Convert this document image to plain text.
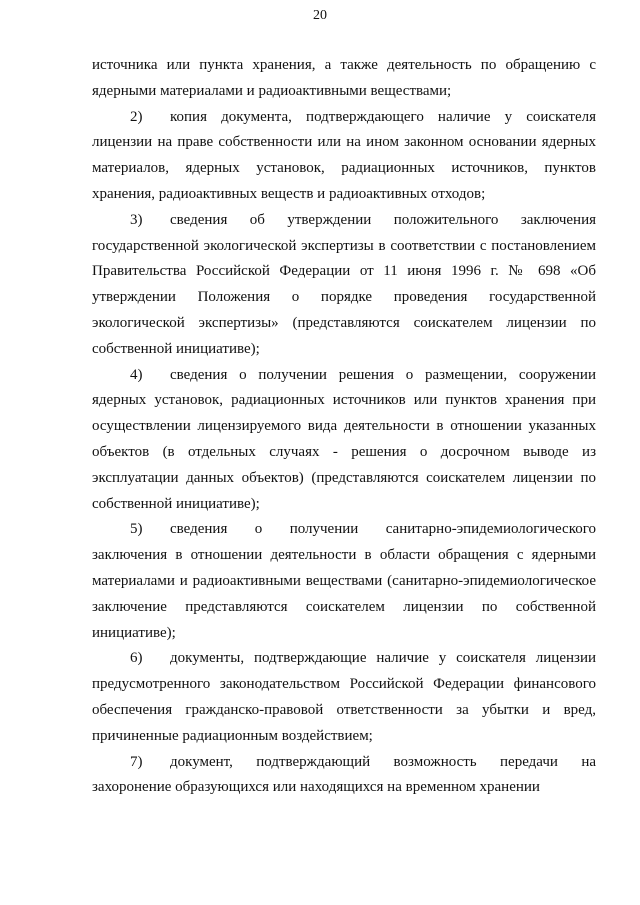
20

источника или пункта хранения, а также деятельность по обращению с ядерными материалами и радиоактивными веществами;

2) копия документа, подтверждающего наличие у соискателя лицензии на праве собственности или на ином законном основании ядерных материалов, ядерных установок, радиационных источников, пунктов хранения, радиоактивных веществ и радиоактивных отходов;

3) сведения об утверждении положительного заключения государственной экологической экспертизы в соответствии с постановлением Правительства Российской Федерации от 11 июня 1996 г. № 698 «Об утверждении Положения о порядке проведения государственной экологической экспертизы» (представляются соискателем лицензии по собственной инициативе);

4) сведения о получении решения о размещении, сооружении ядерных установок, радиационных источников или пунктов хранения при осуществлении лицензируемого вида деятельности в отношении указанных объектов (в отдельных случаях - решения о досрочном выводе из эксплуатации данных объектов) (представляются соискателем лицензии по собственной инициативе);

5) сведения о получении санитарно-эпидемиологического заключения в отношении деятельности в области обращения с ядерными материалами и радиоактивными веществами (санитарно-эпидемиологическое заключение представляются соискателем лицензии по собственной инициативе);

6) документы, подтверждающие наличие у соискателя лицензии предусмотренного законодательством Российской Федерации финансового обеспечения гражданско-правовой ответственности за убытки и вред, причиненные радиационным воздействием;

7) документ, подтверждающий возможность передачи на захоронение образующихся или находящихся на временном хранении
